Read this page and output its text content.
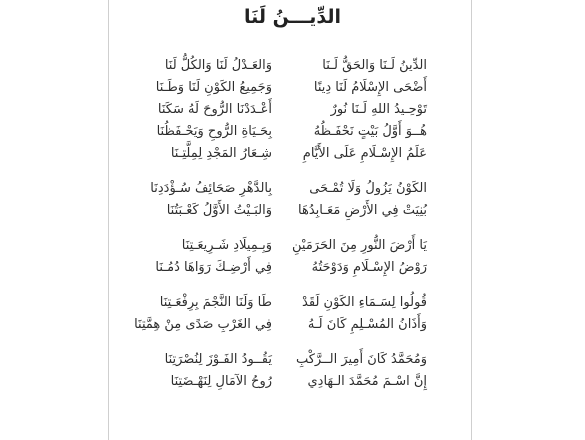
الدِّيـــنُ لَنَا
الدِّينُ لَـنَا وَالحَقُّ لَـنَا
وَالعَـدْلُ لَنَا وَالكُلُّ لَنَا
أَضْحَى الإِسْلَامُ لَنَا دِينًا
وَجَمِيعُ الكَوْنِ لَنَا وَطَـنَا
تَوْحِـيدُ اللهِ لَـنَا نُورٌ
أَعْـدَدْنَا الرُّوحَ لَهُ سَكَنَا
هُــوَ أَوَّلُ بَيْتٍ نَحْفَـظُهُ
بِحَـيَاةِ الرُّوحِ وَيَحْـفَظُنَا
عَلَمُ الإِسْـلَامِ عَلَى الأَيَّامِ
شِـعَارُ المَجْدِ لِمِلَّتِـنَا
الكَوْنُ يَزُولُ وَلَا تُمْـحَى
بِالدَّهْرِ صَحَائِفُ سُـؤْدَدِنَا
بُنِيَتْ فِي الأَرْضِ مَعَـابِدُهَا
وَالبَـيْتُ الأَوَّلُ كَعْـبَتُنَا
يَا أَرْضَ النُّورِ مِنَ الحَرَمَيْنِ
وَبِـمِيلَادِ شَـرِيعَـتِنَا
رَوْضُ الإِسْـلَامِ وَدَوْحَتُهُ
فِي أَرْضِـكَ رَوَاهَا دُمُـنَا
قُولُوا لِسَـمَاءِ الكَوْنِ لَقَدْ
طَا وَلَنَا النَّجْمَ بِرِفْعَـتِنَا
وَأَذَانُ المُسْـلِمِ كَانَ لَـهُ
فِي الغَرْبِ صَدًى مِنْ هِمَّتِنَا
وَمُحَمَّدُ كَانَ أَمِيرَ الــرَّكْبِ
يَقُــودُ الفَـوْزَ لِنُصْرَتِنَا
إِنَّ اسْـمَ مُحَمَّدَ الـهَادِي
رُوحُ الآمَالِ لِنَهْـضَتِنَا
